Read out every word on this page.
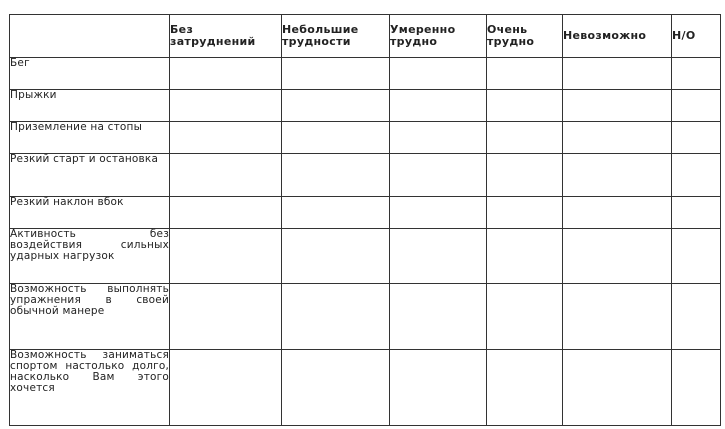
	Без затруднений	Небольшие трудности	Умеренно трудно	Очень трудно	Невозможно	Н/О
Бег						
Прыжки						
Приземление на стопы						
Резкий старт и остановка						
Резкий наклон вбок						
Активность без воздействия сильных ударных нагрузок						
Возможность выполнять упражнения в своей обычной манере						
Возможность заниматься спортом настолько долго, насколько Вам этого хочется						
